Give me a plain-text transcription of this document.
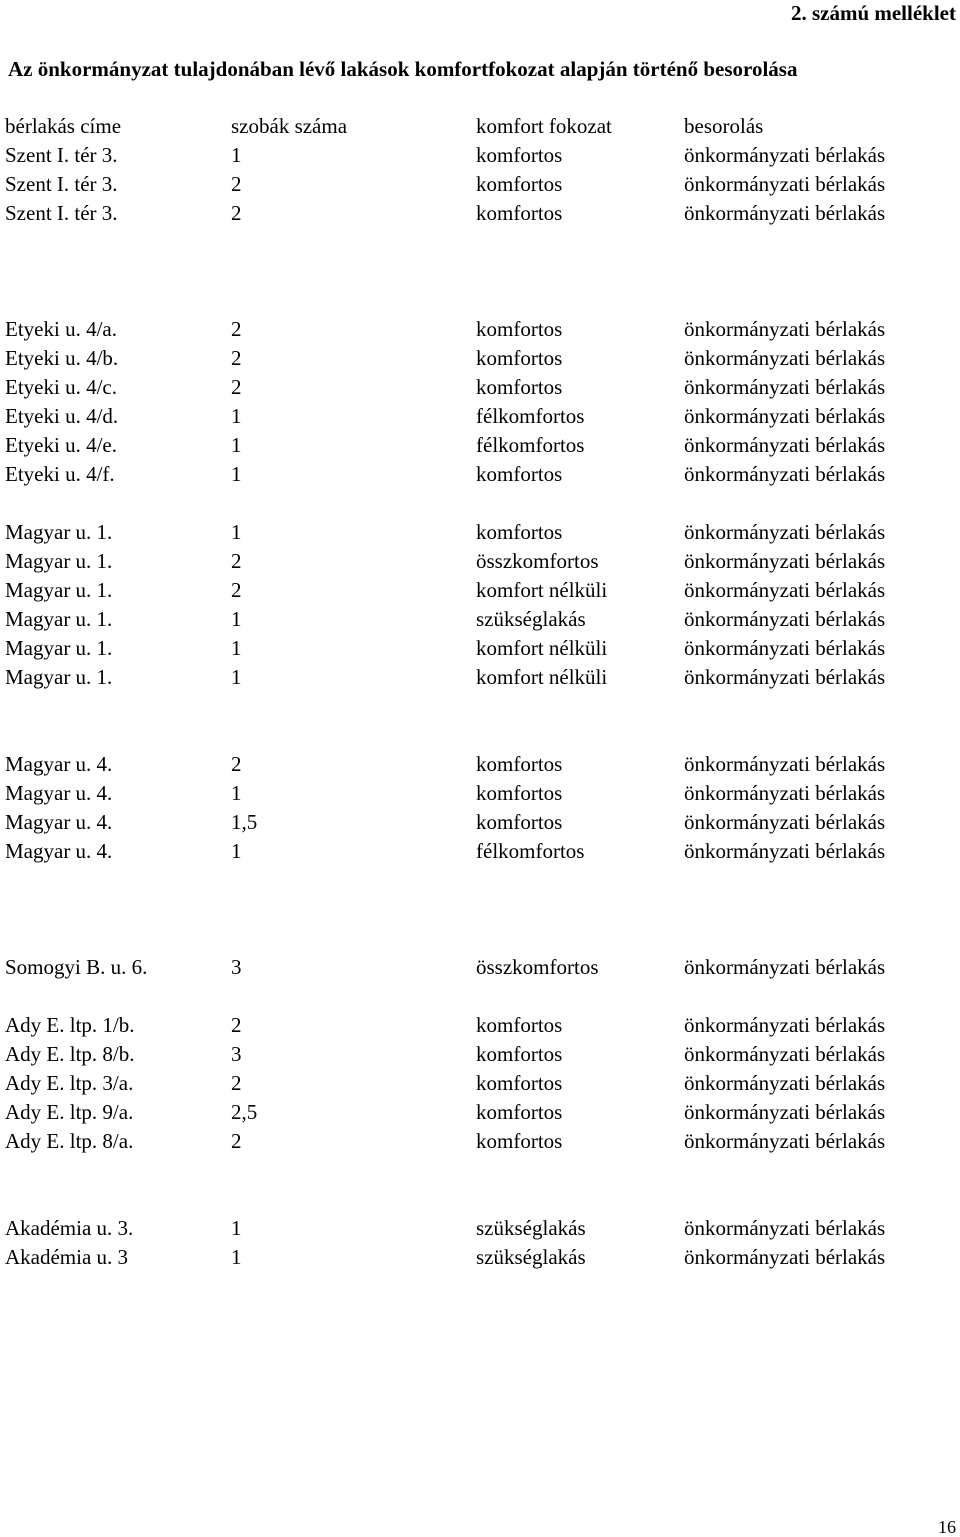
2. számú melléklet
Az önkormányzat tulajdonában lévő lakások komfortfokozat alapján történő besorolása
bérlakás címe	szobák száma	komfort fokozat	besorolás
Szent I. tér 3.	1	komfortos	önkormányzati bérlakás
Szent I. tér 3.	2	komfortos	önkormányzati bérlakás
Szent I. tér 3.	2	komfortos	önkormányzati bérlakás
Etyeki u. 4/a.	2	komfortos	önkormányzati bérlakás
Etyeki u. 4/b.	2	komfortos	önkormányzati bérlakás
Etyeki u. 4/c.	2	komfortos	önkormányzati bérlakás
Etyeki u. 4/d.	1	félkomfortos	önkormányzati bérlakás
Etyeki u. 4/e.	1	félkomfortos	önkormányzati bérlakás
Etyeki u. 4/f.	1	komfortos	önkormányzati bérlakás
Magyar u. 1.	1	komfortos	önkormányzati bérlakás
Magyar u. 1.	2	összkomfortos	önkormányzati bérlakás
Magyar u. 1.	2	komfort nélküli	önkormányzati bérlakás
Magyar u. 1.	1	szükséglakás	önkormányzati bérlakás
Magyar u. 1.	1	komfort nélküli	önkormányzati bérlakás
Magyar u. 1.	1	komfort nélküli	önkormányzati bérlakás
Magyar u. 4.	2	komfortos	önkormányzati bérlakás
Magyar u. 4.	1	komfortos	önkormányzati bérlakás
Magyar u. 4.	1,5	komfortos	önkormányzati bérlakás
Magyar u. 4.	1	félkomfortos	önkormányzati bérlakás
Somogyi B. u. 6.	3	összkomfortos	önkormányzati bérlakás
Ady E. ltp. 1/b.	2	komfortos	önkormányzati bérlakás
Ady E. ltp. 8/b.	3	komfortos	önkormányzati bérlakás
Ady E. ltp. 3/a.	2	komfortos	önkormányzati bérlakás
Ady E. ltp. 9/a.	2,5	komfortos	önkormányzati bérlakás
Ady E. ltp. 8/a.	2	komfortos	önkormányzati bérlakás
Akadémia u. 3.	1	szükséglakás	önkormányzati bérlakás
Akadémia u. 3	1	szükséglakás	önkormányzati bérlakás
16
